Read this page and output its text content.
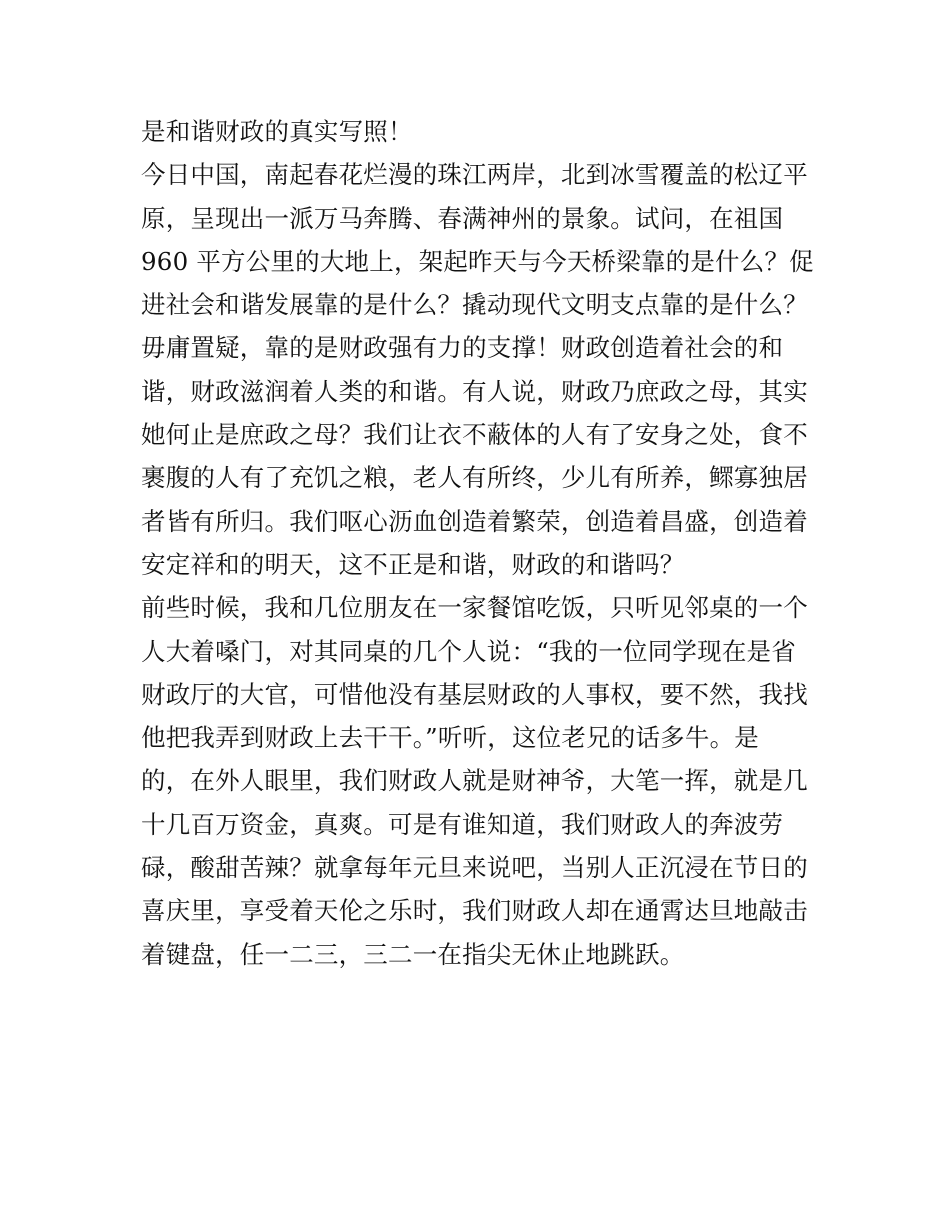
是和谐财政的真实写照！
今日中国，南起春花烂漫的珠江两岸，北到冰雪覆盖的松辽平
原，呈现出一派万马奔腾、春满神州的景象。试问，在祖国
960 平方公里的大地上，架起昨天与今天桥梁靠的是什么？促
进社会和谐发展靠的是什么？撬动现代文明支点靠的是什么？
毋庸置疑，靠的是财政强有力的支撑！财政创造着社会的和
谐，财政滋润着人类的和谐。有人说，财政乃庶政之母，其实
她何止是庶政之母？我们让衣不蔽体的人有了安身之处，食不
裹腹的人有了充饥之粮，老人有所终，少儿有所养，鳏寡独居
者皆有所归。我们呕心沥血创造着繁荣，创造着昌盛，创造着
安定祥和的明天，这不正是和谐，财政的和谐吗？
前些时候，我和几位朋友在一家餐馆吃饭，只听见邻桌的一个
人大着嗓门，对其同桌的几个人说：“我的一位同学现在是省
财政厅的大官，可惜他没有基层财政的人事权，要不然，我找
他把我弄到财政上去干干。”听听，这位老兄的话多牛。是
的，在外人眼里，我们财政人就是财神爷，大笔一挥，就是几
十几百万资金，真爽。可是有谁知道，我们财政人的奔波劳
碌，酸甜苦辣？就拿每年元旦来说吧，当别人正沉浸在节日的
喜庆里，享受着天伦之乐时，我们财政人却在通霄达旦地敲击
着键盘，任一二三，三二一在指尖无休止地跳跃。
